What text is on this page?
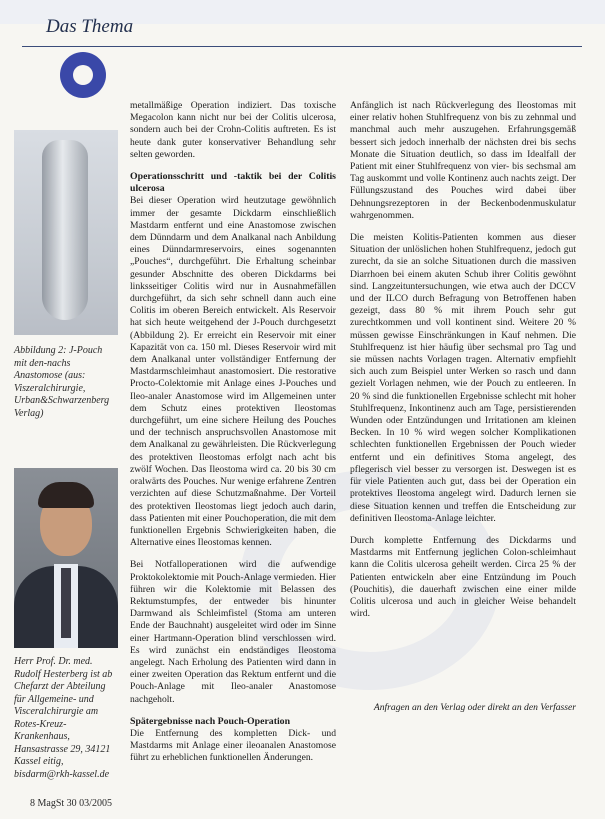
Das Thema
Abbildung 2: J-Pouch mit den-nachs Anastomose (aus: Viszeralchirurgie, Urban&Schwarzenberg Verlag)
Herr Prof. Dr. med. Rudolf Hesterberg ist ab Chefarzt der Abteilung für Allgemeine- und Visceralchirurgie am Rotes-Kreuz-Krankenhaus, Hansastrasse 29, 34121 Kassel eitig, bisdarm@rkh-kassel.de

metallmäßige Operation indiziert. Das toxische Megacolon kann nicht nur bei der Colitis ulcerosa, sondern auch bei der Crohn-Colitis auftreten. Es ist heute dank guter konservativer Behandlung sehr selten geworden.

Operationsschritt und -taktik bei der Colitis ulcerosa

Bei dieser Operation wird heutzutage gewöhnlich immer der gesamte Dickdarm einschließlich Mastdarm entfernt und eine Anastomose zwischen dem Dünndarm und dem Analkanal nach Anbildung eines Dünndarmreservoirs, eines sogenannten „Pouches“, durchgeführt. Die Erhaltung scheinbar gesunder Abschnitte des oberen Dickdarms bei linksseitiger Colitis wird nur in Ausnahmefällen durchgeführt, da sich sehr schnell dann auch eine Colitis im oberen Bereich entwickelt. Als Reservoir hat sich heute weitgehend der J-Pouch durchgesetzt (Abbildung 2). Er erreicht ein Reservoir mit einer Kapazität von ca. 150 ml. Dieses Reservoir wird mit dem Analkanal unter vollständiger Entfernung der Mastdarmschleimhaut anastomosiert. Die restorative Procto-Colektomie mit Anlage eines J-Pouches und Ileo-analer Anastomose wird im Allgemeinen unter dem Schutz eines protektiven Ileostomas durchgeführt, um eine sichere Heilung des Pouches und der technisch anspruchsvollen Anastomose mit dem Analkanal zu gewährleisten. Die Rückverlegung des protektiven Ileostomas erfolgt nach acht bis zwölf Wochen. Das Ileostoma wird ca. 20 bis 30 cm oralwärts des Pouches. Nur wenige erfahrene Zentren verzichten auf diese Schutzmaßnahme. Der Vorteil des protektiven Ileostomas liegt jedoch auch darin, dass Patienten mit einer Pouchoperation, die mit dem funktionellen Ergebnis Schwierigkeiten haben, die Alternative eines Ileostomas kennen.

Bei Notfalloperationen wird die aufwendige Proktokolektomie mit Pouch-Anlage vermieden. Hier führen wir die Kolektomie mit Belassen des Rektumstumpfes, der entweder bis hinunter Darmwand als Schleimfistel (Stoma am unteren Ende der Bauchnaht) ausgeleitet wird oder im Sinne einer Hartmann-Operation blind verschlossen wird. Es wird zunächst ein endständiges Ileostoma angelegt. Nach Erholung des Patienten wird dann in einer zweiten Operation das Rektum entfernt und die Pouch-Anlage mit Ileo-analer Anastomose nachgeholt.

Spätergebnisse nach Pouch-Operation

Die Entfernung des kompletten Dick- und Mastdarms mit Anlage einer ileoanalen Anastomose führt zu erheblichen funktionellen Änderungen.

Anfänglich ist nach Rückverlegung des Ileostomas mit einer relativ hohen Stuhlfrequenz von bis zu zehnmal und manchmal auch mehr auszugehen. Erfahrungsgemäß bessert sich jedoch innerhalb der nächsten drei bis sechs Monate die Situation deutlich, so dass im Idealfall der Patient mit einer Stuhlfrequenz von vier- bis sechsmal am Tag auskommt und volle Kontinenz auch nachts zeigt. Der Füllungszustand des Pouches wird dabei über Dehnungsrezeptoren in der Beckenbodenmuskulatur wahrgenommen.

Die meisten Kolitis-Patienten kommen aus dieser Situation der unlöslichen hohen Stuhlfrequenz, jedoch gut zurecht, da sie an solche Situationen durch die massiven Diarrhoen bei einem akuten Schub ihrer Colitis gewöhnt sind. Langzeituntersuchungen, wie etwa auch der DCCV und der ILCO durch Befragung von Betroffenen haben gezeigt, dass 80 % mit ihrem Pouch sehr gut zurechtkommen und voll kontinent sind. Weitere 20 % müssen gewisse Einschränkungen in Kauf nehmen. Die Stuhlfrequenz ist hier häufig über sechsmal pro Tag und sie müssen nachts Vorlagen tragen. Alternativ empfiehlt sich auch zum Beispiel unter Werken so rasch und dann gezielt Vorlagen nehmen, wie der Pouch zu entleeren. In 20 % sind die funktionellen Ergebnisse schlecht mit hoher Stuhlfrequenz, Inkontinenz auch am Tage, persistierenden Wunden oder Entzündungen und Irritationen am kleinen Becken. In 10 % wird wegen solcher Komplikationen schlechten funktionellen Ergebnissen der Pouch wieder entfernt und ein definitives Stoma angelegt, des pflegerisch viel besser zu versorgen ist. Deswegen ist es für viele Patienten auch gut, dass bei der Operation ein protektives Ileostoma angelegt wird. Dadurch lernen sie diese Situation kennen und treffen die Entscheidung zur definitiven Ileostoma-Anlage leichter.

Durch komplette Entfernung des Dickdarms und Mastdarms mit Entfernung jeglichen Colon-schleimhaut kann die Colitis ulcerosa geheilt werden. Circa 25 % der Patienten entwickeln aber eine Entzündung im Pouch (Pouchitis), die dauerhaft zwischen eine einer milde Colitis ulcerosa und auch in gleicher Weise behandelt wird.

Anfragen an den Verlag oder direkt an den Verfasser
8 MagSt 30 03/2005
